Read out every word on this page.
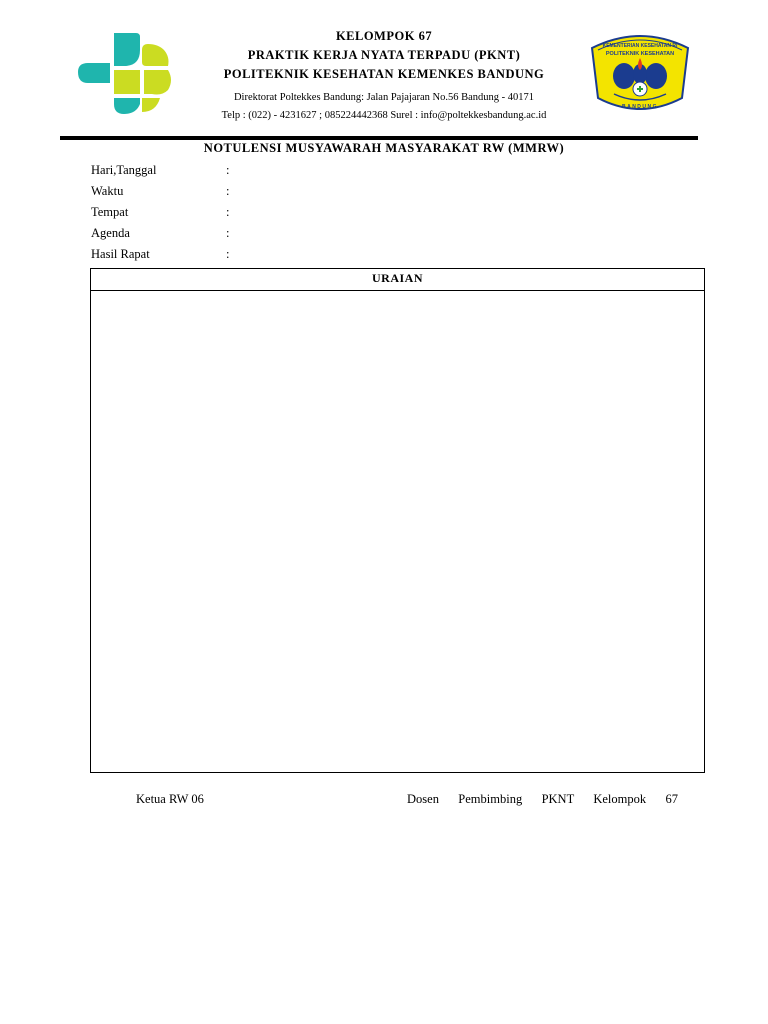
KELOMPOK 67
PRAKTIK KERJA NYATA TERPADU (PKNT)
POLITEKNIK KESEHATAN KEMENKES BANDUNG
Direktorat Poltekkes Bandung: Jalan Pajajaran No.56 Bandung - 40171
Telp : (022) - 4231627 ; 085224442368 Surel : info@poltekkesbandung.ac.id
KEMENTERIAN KESEHATAN RI
POLITEKNIK KESEHATAN
BANDUNG
NOTULENSI MUSYAWARAH MASYARAKAT RW (MMRW)
Hari,Tanggal	:
Waktu	:
Tempat	:
Agenda	:
Hasil Rapat	:
URAIAN
Ketua RW 06	Dosen Pembimbing PKNT Kelompok 67
